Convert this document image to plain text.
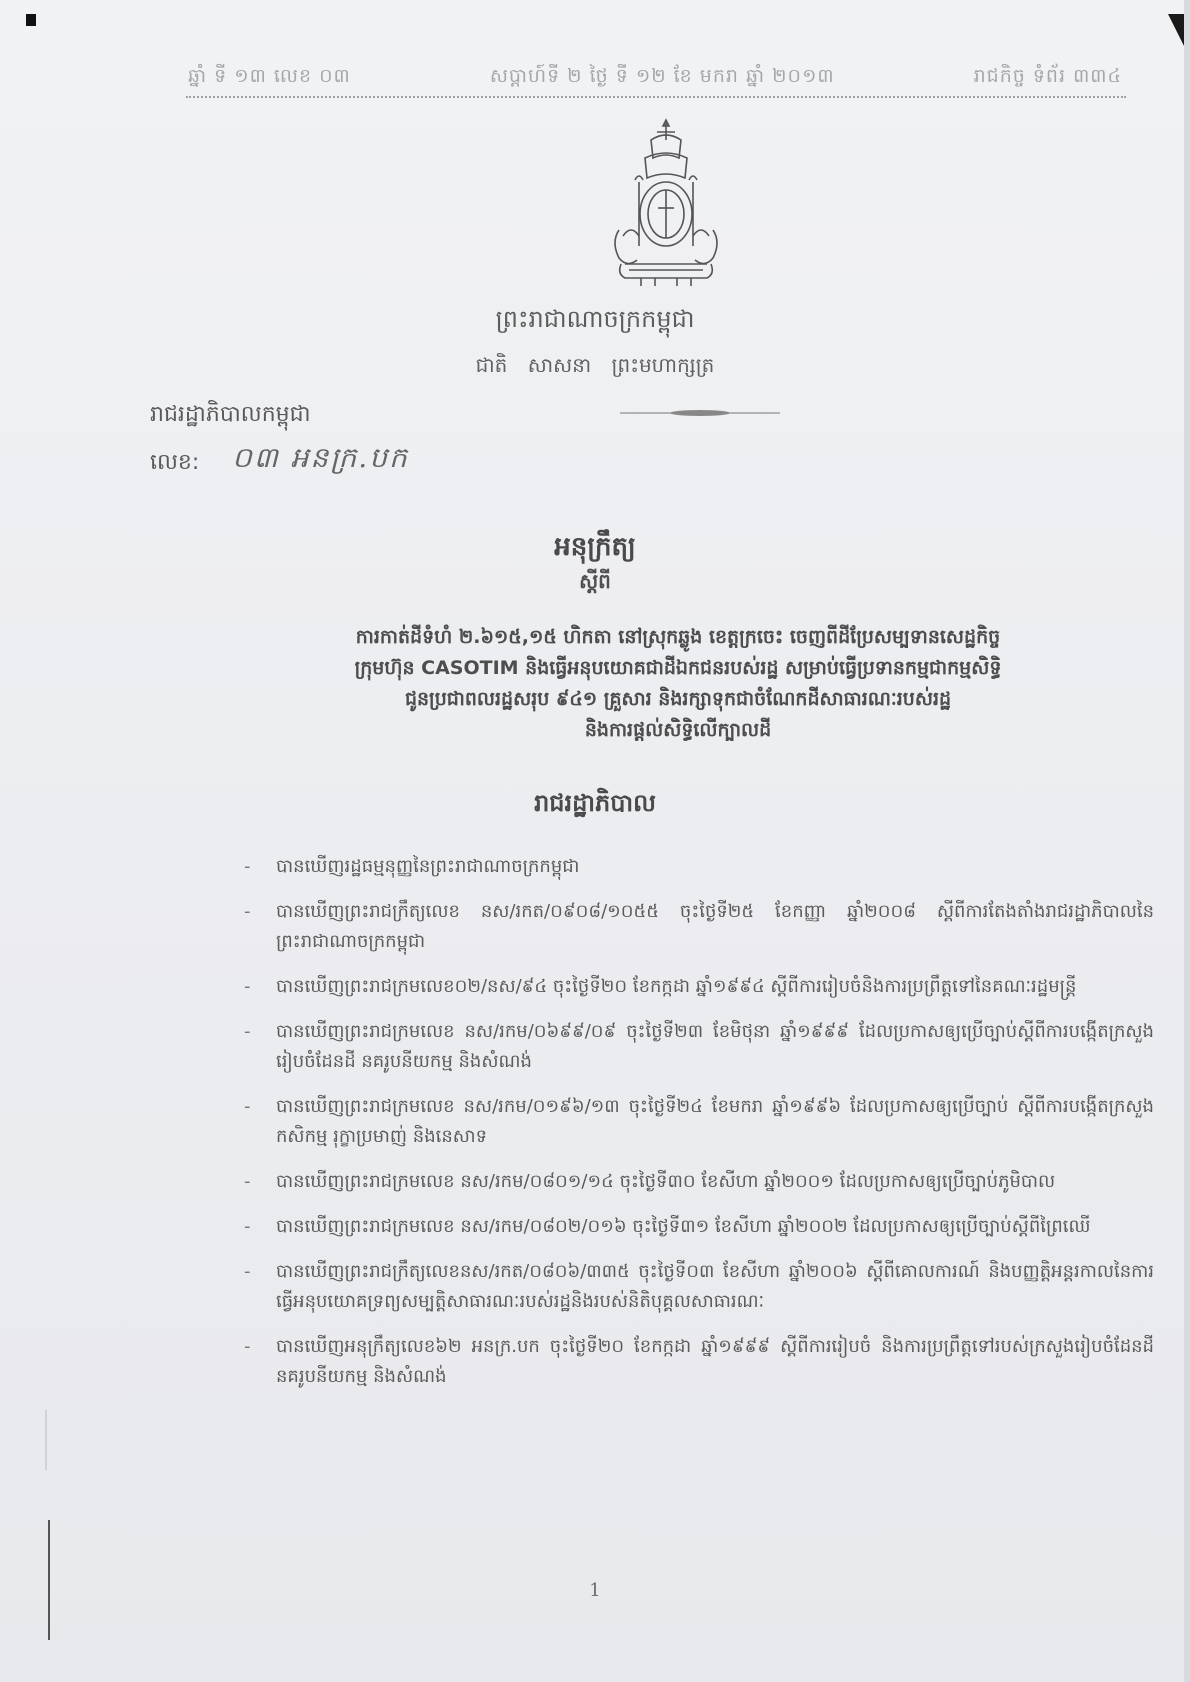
ឆ្នាំ ទី ១៣ លេខ ០៣	សប្តាហ៍ទី ២ ថ្ងៃ ទី ១២ ខែ មករា ឆ្នាំ ២០១៣	រាជកិច្ច ទំព័រ ៣៣៤
ព្រះរាជាណាចក្រកម្ពុជា
ជាតិ សាសនា ព្រះមហាក្សត្រ
រាជរដ្ឋាភិបាលកម្ពុជា
លេខ: ០៣ អនក្រ.បក
អនុក្រឹត្យ
ស្តីពី
ការកាត់ដីទំហំ ២.៦១៥,១៥ ហិកតា នៅស្រុកឆ្លូង ខេត្តក្រចេះ ចេញពីដីប្រែសម្បទានសេដ្ឋកិច្ច
ក្រុមហ៊ុន CASOTIM និងធ្វើអនុបយោគជាដីឯកជនរបស់រដ្ឋ សម្រាប់ធ្វើប្រទានកម្មជាកម្មសិទ្ធិ
ជូនប្រជាពលរដ្ឋសរុប ៩៤១ គ្រួសារ និងរក្សាទុកជាចំណែកដីសាធារណៈរបស់រដ្ឋ
និងការផ្តល់សិទ្ធិលើក្បាលដី
រាជរដ្ឋាភិបាល
- បានឃើញរដ្ឋធម្មនុញ្ញនៃព្រះរាជាណាចក្រកម្ពុជា
- បានឃើញព្រះរាជក្រឹត្យលេខ នស/រកត/០៩០៨/១០៥៥ ចុះថ្ងៃទី២៥ ខែកញ្ញា ឆ្នាំ២០០៨ ស្តីពីការតែងតាំងរាជរដ្ឋាភិបាលនៃព្រះរាជាណាចក្រកម្ពុជា
- បានឃើញព្រះរាជក្រមលេខ០២/នស/៩៤ ចុះថ្ងៃទី២០ ខែកក្កដា ឆ្នាំ១៩៩៤ ស្តីពីការរៀបចំនិងការប្រព្រឹត្តទៅនៃគណៈរដ្ឋមន្ត្រី
- បានឃើញព្រះរាជក្រមលេខ នស/រកម/០៦៩៩/០៩ ចុះថ្ងៃទី២៣ ខែមិថុនា ឆ្នាំ១៩៩៩ ដែលប្រកាសឲ្យប្រើច្បាប់ស្តីពីការបង្កើតក្រសួងរៀបចំដែនដី នគរូបនីយកម្ម និងសំណង់
- បានឃើញព្រះរាជក្រមលេខ នស/រកម/០១៩៦/១៣ ចុះថ្ងៃទី២៤ ខែមករា ឆ្នាំ១៩៩៦ ដែលប្រកាសឲ្យប្រើច្បាប់ ស្តីពីការបង្កើតក្រសួងកសិកម្ម រុក្ខាប្រមាញ់ និងនេសាទ
- បានឃើញព្រះរាជក្រមលេខ នស/រកម/០៨០១/១៤ ចុះថ្ងៃទី៣០ ខែសីហា ឆ្នាំ២០០១ ដែលប្រកាសឲ្យប្រើច្បាប់ភូមិបាល
- បានឃើញព្រះរាជក្រមលេខ នស/រកម/០៨០២/០១៦ ចុះថ្ងៃទី៣១ ខែសីហា ឆ្នាំ២០០២ ដែលប្រកាសឲ្យប្រើច្បាប់ស្តីពីព្រៃឈើ
- បានឃើញព្រះរាជក្រឹត្យលេខនស/រកត/០៨០៦/៣៣៥ ចុះថ្ងៃទី០៣ ខែសីហា ឆ្នាំ២០០៦ ស្តីពីគោលការណ៍ និងបញ្ញត្តិអន្តរកាលនៃការធ្វើអនុបយោគទ្រព្យសម្បត្តិសាធារណៈរបស់រដ្ឋនិងរបស់និតិបុគ្គលសាធារណៈ
- បានឃើញអនុក្រឹត្យលេខ៦២ អនក្រ.បក ចុះថ្ងៃទី២០ ខែកក្កដា ឆ្នាំ១៩៩៩ ស្តីពីការរៀបចំ និងការប្រព្រឹត្តទៅរបស់ក្រសួងរៀបចំដែនដី នគរូបនីយកម្ម និងសំណង់
1
